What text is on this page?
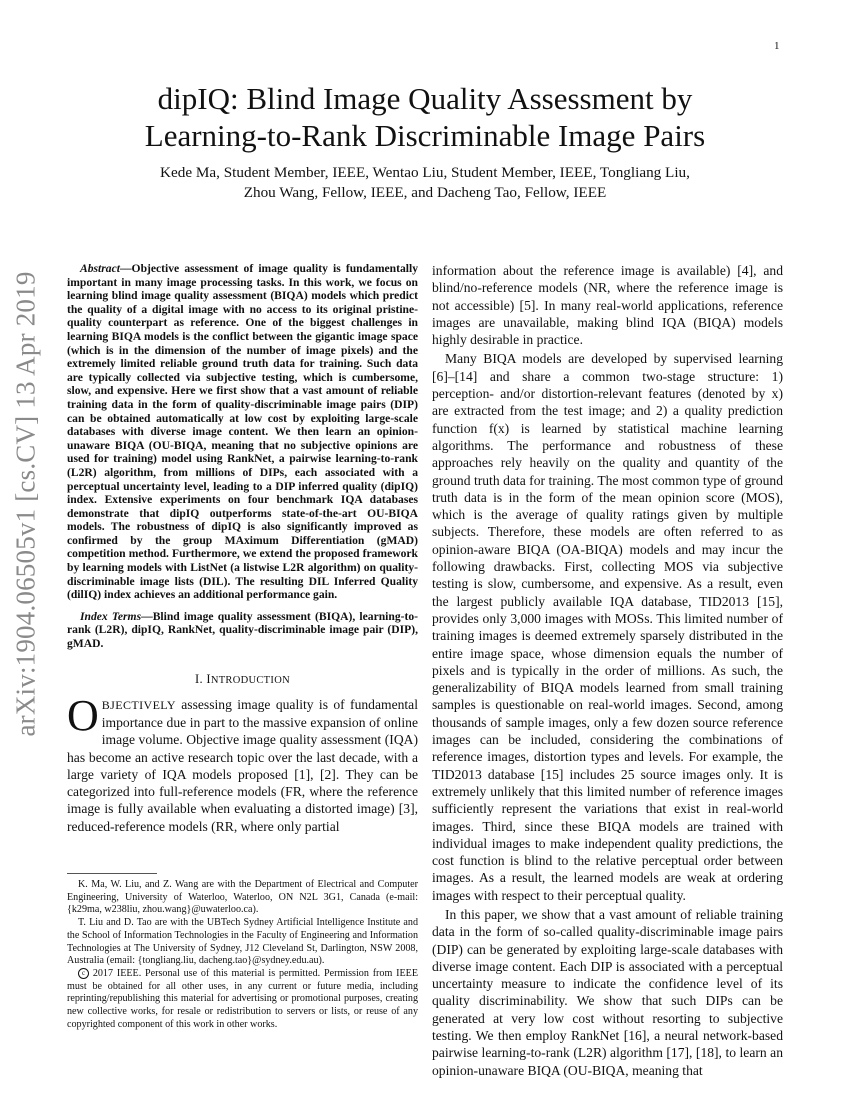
1
arXiv:1904.06505v1 [cs.CV] 13 Apr 2019
dipIQ: Blind Image Quality Assessment by
Learning-to-Rank Discriminable Image Pairs
Kede Ma, Student Member, IEEE, Wentao Liu, Student Member, IEEE, Tongliang Liu,
Zhou Wang, Fellow, IEEE, and Dacheng Tao, Fellow, IEEE

Abstract—Objective assessment of image quality is fundamentally important in many image processing tasks. In this work, we focus on learning blind image quality assessment (BIQA) models which predict the quality of a digital image with no access to its original pristine-quality counterpart as reference. One of the biggest challenges in learning BIQA models is the conflict between the gigantic image space (which is in the dimension of the number of image pixels) and the extremely limited reliable ground truth data for training. Such data are typically collected via subjective testing, which is cumbersome, slow, and expensive. Here we first show that a vast amount of reliable training data in the form of quality-discriminable image pairs (DIP) can be obtained automatically at low cost by exploiting large-scale databases with diverse image content. We then learn an opinion-unaware BIQA (OU-BIQA, meaning that no subjective opinions are used for training) model using RankNet, a pairwise learning-to-rank (L2R) algorithm, from millions of DIPs, each associated with a perceptual uncertainty level, leading to a DIP inferred quality (dipIQ) index. Extensive experiments on four benchmark IQA databases demonstrate that dipIQ outperforms state-of-the-art OU-BIQA models. The robustness of dipIQ is also significantly improved as confirmed by the group MAximum Differentiation (gMAD) competition method. Furthermore, we extend the proposed framework by learning models with ListNet (a listwise L2R algorithm) on quality-discriminable image lists (DIL). The resulting DIL Inferred Quality (dilIQ) index achieves an additional performance gain.

Index Terms—Blind image quality assessment (BIQA), learning-to-rank (L2R), dipIQ, RankNet, quality-discriminable image pair (DIP), gMAD.

I. INTRODUCTION

OBJECTIVELY assessing image quality is of fundamental importance due in part to the massive expansion of online image volume. Objective image quality assessment (IQA) has become an active research topic over the last decade, with a large variety of IQA models proposed [1], [2]. They can be categorized into full-reference models (FR, where the reference image is fully available when evaluating a distorted image) [3], reduced-reference models (RR, where only partial

K. Ma, W. Liu, and Z. Wang are with the Department of Electrical and Computer Engineering, University of Waterloo, Waterloo, ON N2L 3G1, Canada (e-mail: {k29ma, w238liu, zhou.wang}@uwaterloo.ca).

T. Liu and D. Tao are with the UBTech Sydney Artificial Intelligence Institute and the School of Information Technologies in the Faculty of Engineering and Information Technologies at The University of Sydney, J12 Cleveland St, Darlington, NSW 2008, Australia (email: {tongliang.liu, dacheng.tao}@sydney.edu.au).

c 2017 IEEE. Personal use of this material is permitted. Permission from IEEE must be obtained for all other uses, in any current or future media, including reprinting/republishing this material for advertising or promotional purposes, creating new collective works, for resale or redistribution to servers or lists, or reuse of any copyrighted component of this work in other works.

information about the reference image is available) [4], and blind/no-reference models (NR, where the reference image is not accessible) [5]. In many real-world applications, reference images are unavailable, making blind IQA (BIQA) models highly desirable in practice.

Many BIQA models are developed by supervised learning [6]–[14] and share a common two-stage structure: 1) perception- and/or distortion-relevant features (denoted by x) are extracted from the test image; and 2) a quality prediction function f(x) is learned by statistical machine learning algorithms. The performance and robustness of these approaches rely heavily on the quality and quantity of the ground truth data for training. The most common type of ground truth data is in the form of the mean opinion score (MOS), which is the average of quality ratings given by multiple subjects. Therefore, these models are often referred to as opinion-aware BIQA (OA-BIQA) models and may incur the following drawbacks. First, collecting MOS via subjective testing is slow, cumbersome, and expensive. As a result, even the largest publicly available IQA database, TID2013 [15], provides only 3,000 images with MOSs. This limited number of training images is deemed extremely sparsely distributed in the entire image space, whose dimension equals the number of pixels and is typically in the order of millions. As such, the generalizability of BIQA models learned from small training samples is questionable on real-world images. Second, among thousands of sample images, only a few dozen source reference images can be included, considering the combinations of reference images, distortion types and levels. For example, the TID2013 database [15] includes 25 source images only. It is extremely unlikely that this limited number of reference images sufficiently represent the variations that exist in real-world images. Third, since these BIQA models are trained with individual images to make independent quality predictions, the cost function is blind to the relative perceptual order between images. As a result, the learned models are weak at ordering images with respect to their perceptual quality.

In this paper, we show that a vast amount of reliable training data in the form of so-called quality-discriminable image pairs (DIP) can be generated by exploiting large-scale databases with diverse image content. Each DIP is associated with a perceptual uncertainty measure to indicate the confidence level of its quality discriminability. We show that such DIPs can be generated at very low cost without resorting to subjective testing. We then employ RankNet [16], a neural network-based pairwise learning-to-rank (L2R) algorithm [17], [18], to learn an opinion-unaware BIQA (OU-BIQA, meaning that
